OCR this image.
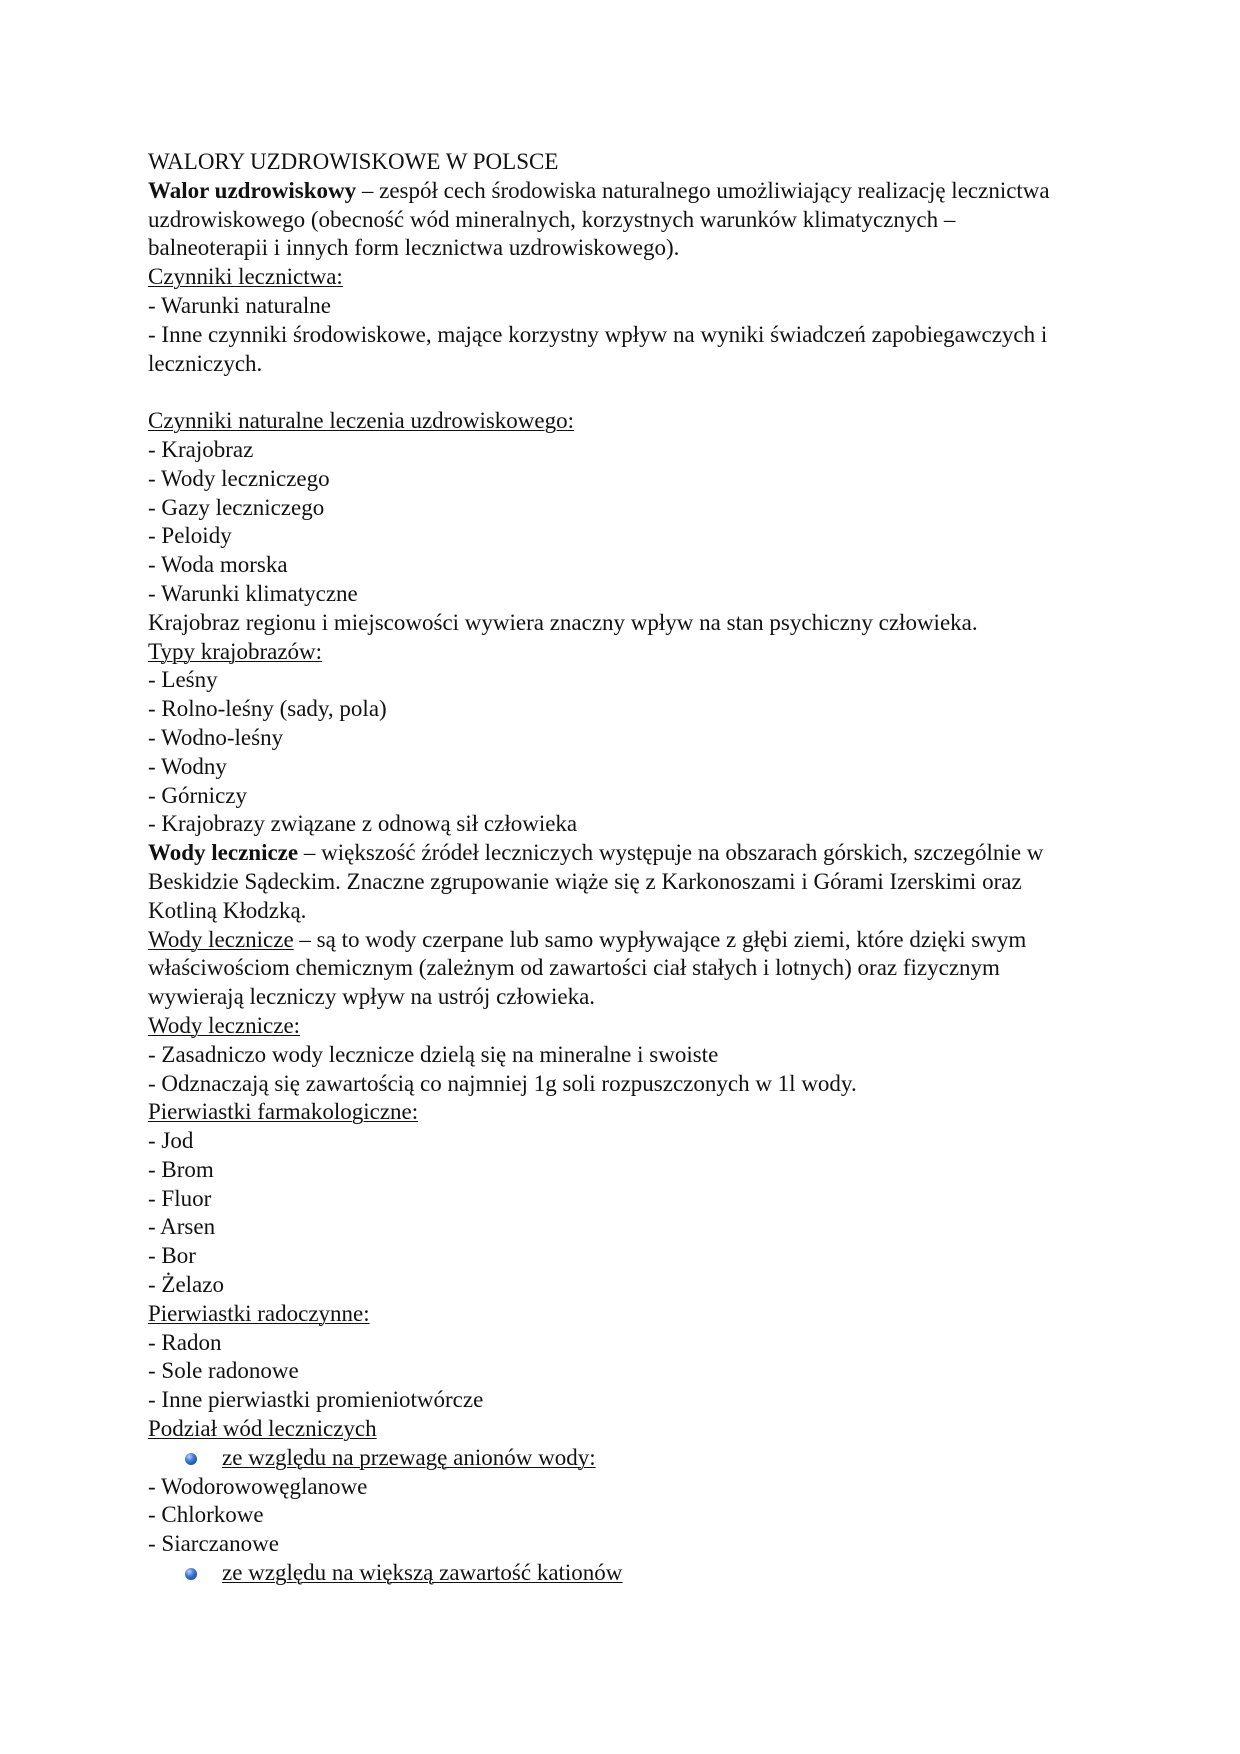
WALORY UZDROWISKOWE W POLSCE

Walor uzdrowiskowy – zespół cech środowiska naturalnego umożliwiający realizację lecznictwa uzdrowiskowego (obecność wód mineralnych, korzystnych warunków klimatycznych – balneoterapii i innych form lecznictwa uzdrowiskowego).

Czynniki lecznictwa:

- Warunki naturalne

- Inne czynniki środowiskowe, mające korzystny wpływ na wyniki świadczeń zapobiegawczych i leczniczych.

Czynniki naturalne leczenia uzdrowiskowego:

- Krajobraz

- Wody leczniczego

- Gazy leczniczego

- Peloidy

- Woda morska

- Warunki klimatyczne

Krajobraz regionu i miejscowości wywiera znaczny wpływ na stan psychiczny człowieka.

Typy krajobrazów:

- Leśny

- Rolno-leśny (sady, pola)

- Wodno-leśny

- Wodny

- Górniczy

- Krajobrazy związane z odnową sił człowieka

Wody lecznicze – większość źródeł leczniczych występuje na obszarach górskich, szczególnie w Beskidzie Sądeckim. Znaczne zgrupowanie wiąże się z Karkonoszami i Górami Izerskimi oraz Kotliną Kłodzką.

Wody lecznicze – są to wody czerpane lub samo wypływające z głębi ziemi, które dzięki swym właściwościom chemicznym (zależnym od zawartości ciał stałych i lotnych) oraz fizycznym wywierają leczniczy wpływ na ustrój człowieka.

Wody lecznicze:

- Zasadniczo wody lecznicze dzielą się na mineralne i swoiste

- Odznaczają się zawartością co najmniej 1g soli rozpuszczonych w 1l wody.

Pierwiastki farmakologiczne:

- Jod

- Brom

- Fluor

- Arsen

- Bor

- Żelazo

Pierwiastki radoczynne:

- Radon

- Sole radonowe

- Inne pierwiastki promieniotwórcze

Podział wód leczniczych

ze względu na przewagę anionów wody:

- Wodorowowęglanowe

- Chlorkowe

- Siarczanowe

ze względu na większą zawartość kationów
